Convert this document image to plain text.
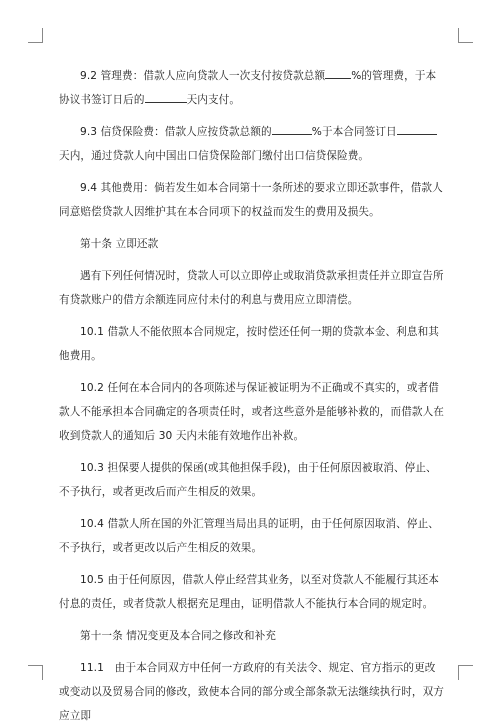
9.2 管理费：借款人应向贷款人一次支付按贷款总额 %的管理费，于本协议书签订日后的	天内支付。

9.3 信贷保险费：借款人应按贷款总额的	%于本合同签订日天内，通过贷款人向中国出口信贷保险部门缴付出口信贷保险费。

9.4 其他费用：倘若发生如本合同第十一条所述的要求立即还款事件，借款人同意赔偿贷款人因维护其在本合同项下的权益而发生的费用及损失。

第十条 立即还款

遇有下列任何情况时，贷款人可以立即停止或取消贷款承担责任并立即宣告所有贷款账户的借方余额连同应付未付的利息与费用应立即清偿。

10.1 借款人不能依照本合同规定，按时偿还任何一期的贷款本金、利息和其他费用。

10.2 任何在本合同内的各项陈述与保证被证明为不正确或不真实的，或者借款人不能承担本合同确定的各项责任时，或者这些意外是能够补救的，而借款人在收到贷款人的通知后 30 天内未能有效地作出补救。

10.3 担保要人提供的保函(或其他担保手段)，由于任何原因被取消、停止、不予执行，或者更改后而产生相反的效果。

10.4 借款人所在国的外汇管理当局出具的证明，由于任何原因取消、停止、不予执行，或者更改以后产生相反的效果。

10.5 由于任何原因，借款人停止经营其业务，以至对贷款人不能履行其还本付息的责任，或者贷款人根据充足理由，证明借款人不能执行本合同的规定时。

第十一条 情况变更及本合同之修改和补充

11.1　由于本合同双方中任何一方政府的有关法令、规定、官方指示的更改或变动以及贸易合同的修改，致使本合同的部分或全部条款无法继续执行时，双方应立即
